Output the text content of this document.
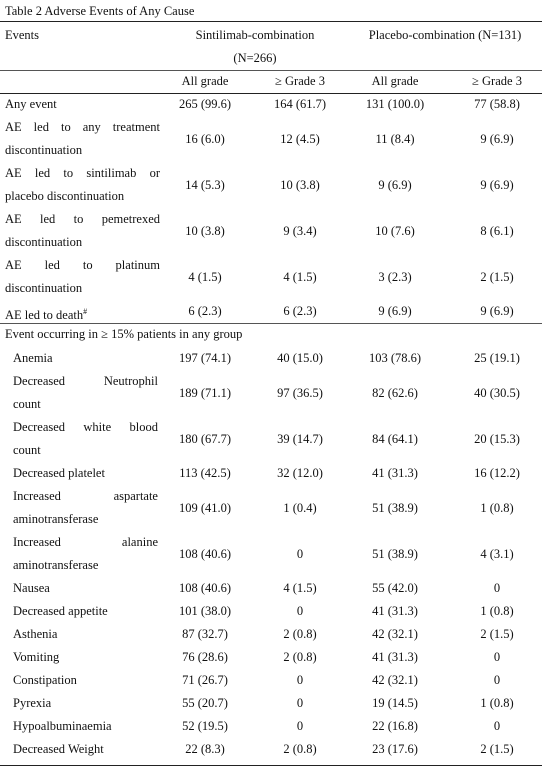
Table 2 Adverse Events of Any Cause
Events	Sintilimab-combination
(N=266)
Placebo-combination (N=131)
All grade	≥ Grade 3	All grade	≥ Grade 3
Any event	265 (99.6)	164 (61.7)	131 (100.0)	77 (58.8)
AE led to any treatment
discontinuation
16 (6.0)	12 (4.5)	11 (8.4)	9 (6.9)
AE led to sintilimab or
placebo discontinuation
14 (5.3)	10 (3.8)	9 (6.9)	9 (6.9)
AE led to pemetrexed
discontinuation
10 (3.8)	9 (3.4)	10 (7.6)	8 (6.1)
AE led to platinum
discontinuation
4 (1.5)	4 (1.5)	3 (2.3)	2 (1.5)
AE led to death#	6 (2.3)	6 (2.3)	9 (6.9)	9 (6.9)
Event occurring in ≥ 15% patients in any group
Anemia	197 (74.1)	40 (15.0)	103 (78.6)	25 (19.1)
Decreased Neutrophil
count
189 (71.1)	97 (36.5)	82 (62.6)	40 (30.5)
Decreased white blood
count
180 (67.7)	39 (14.7)	84 (64.1)	20 (15.3)
Decreased platelet	113 (42.5)	32 (12.0)	41 (31.3)	16 (12.2)
Increased aspartate
aminotransferase
109 (41.0)	1 (0.4)	51 (38.9)	1 (0.8)
Increased alanine
aminotransferase
108 (40.6)	0	51 (38.9)	4 (3.1)
Nausea	108 (40.6)	4 (1.5)	55 (42.0)	0
Decreased appetite	101 (38.0)	0	41 (31.3)	1 (0.8)
Asthenia	87 (32.7)	2 (0.8)	42 (32.1)	2 (1.5)
Vomiting	76 (28.6)	2 (0.8)	41 (31.3)	0
Constipation	71 (26.7)	0	42 (32.1)	0
Pyrexia	55 (20.7)	0	19 (14.5)	1 (0.8)
Hypoalbuminaemia	52 (19.5)	0	22 (16.8)	0
Decreased Weight	22 (8.3)	2 (0.8)	23 (17.6)	2 (1.5)
